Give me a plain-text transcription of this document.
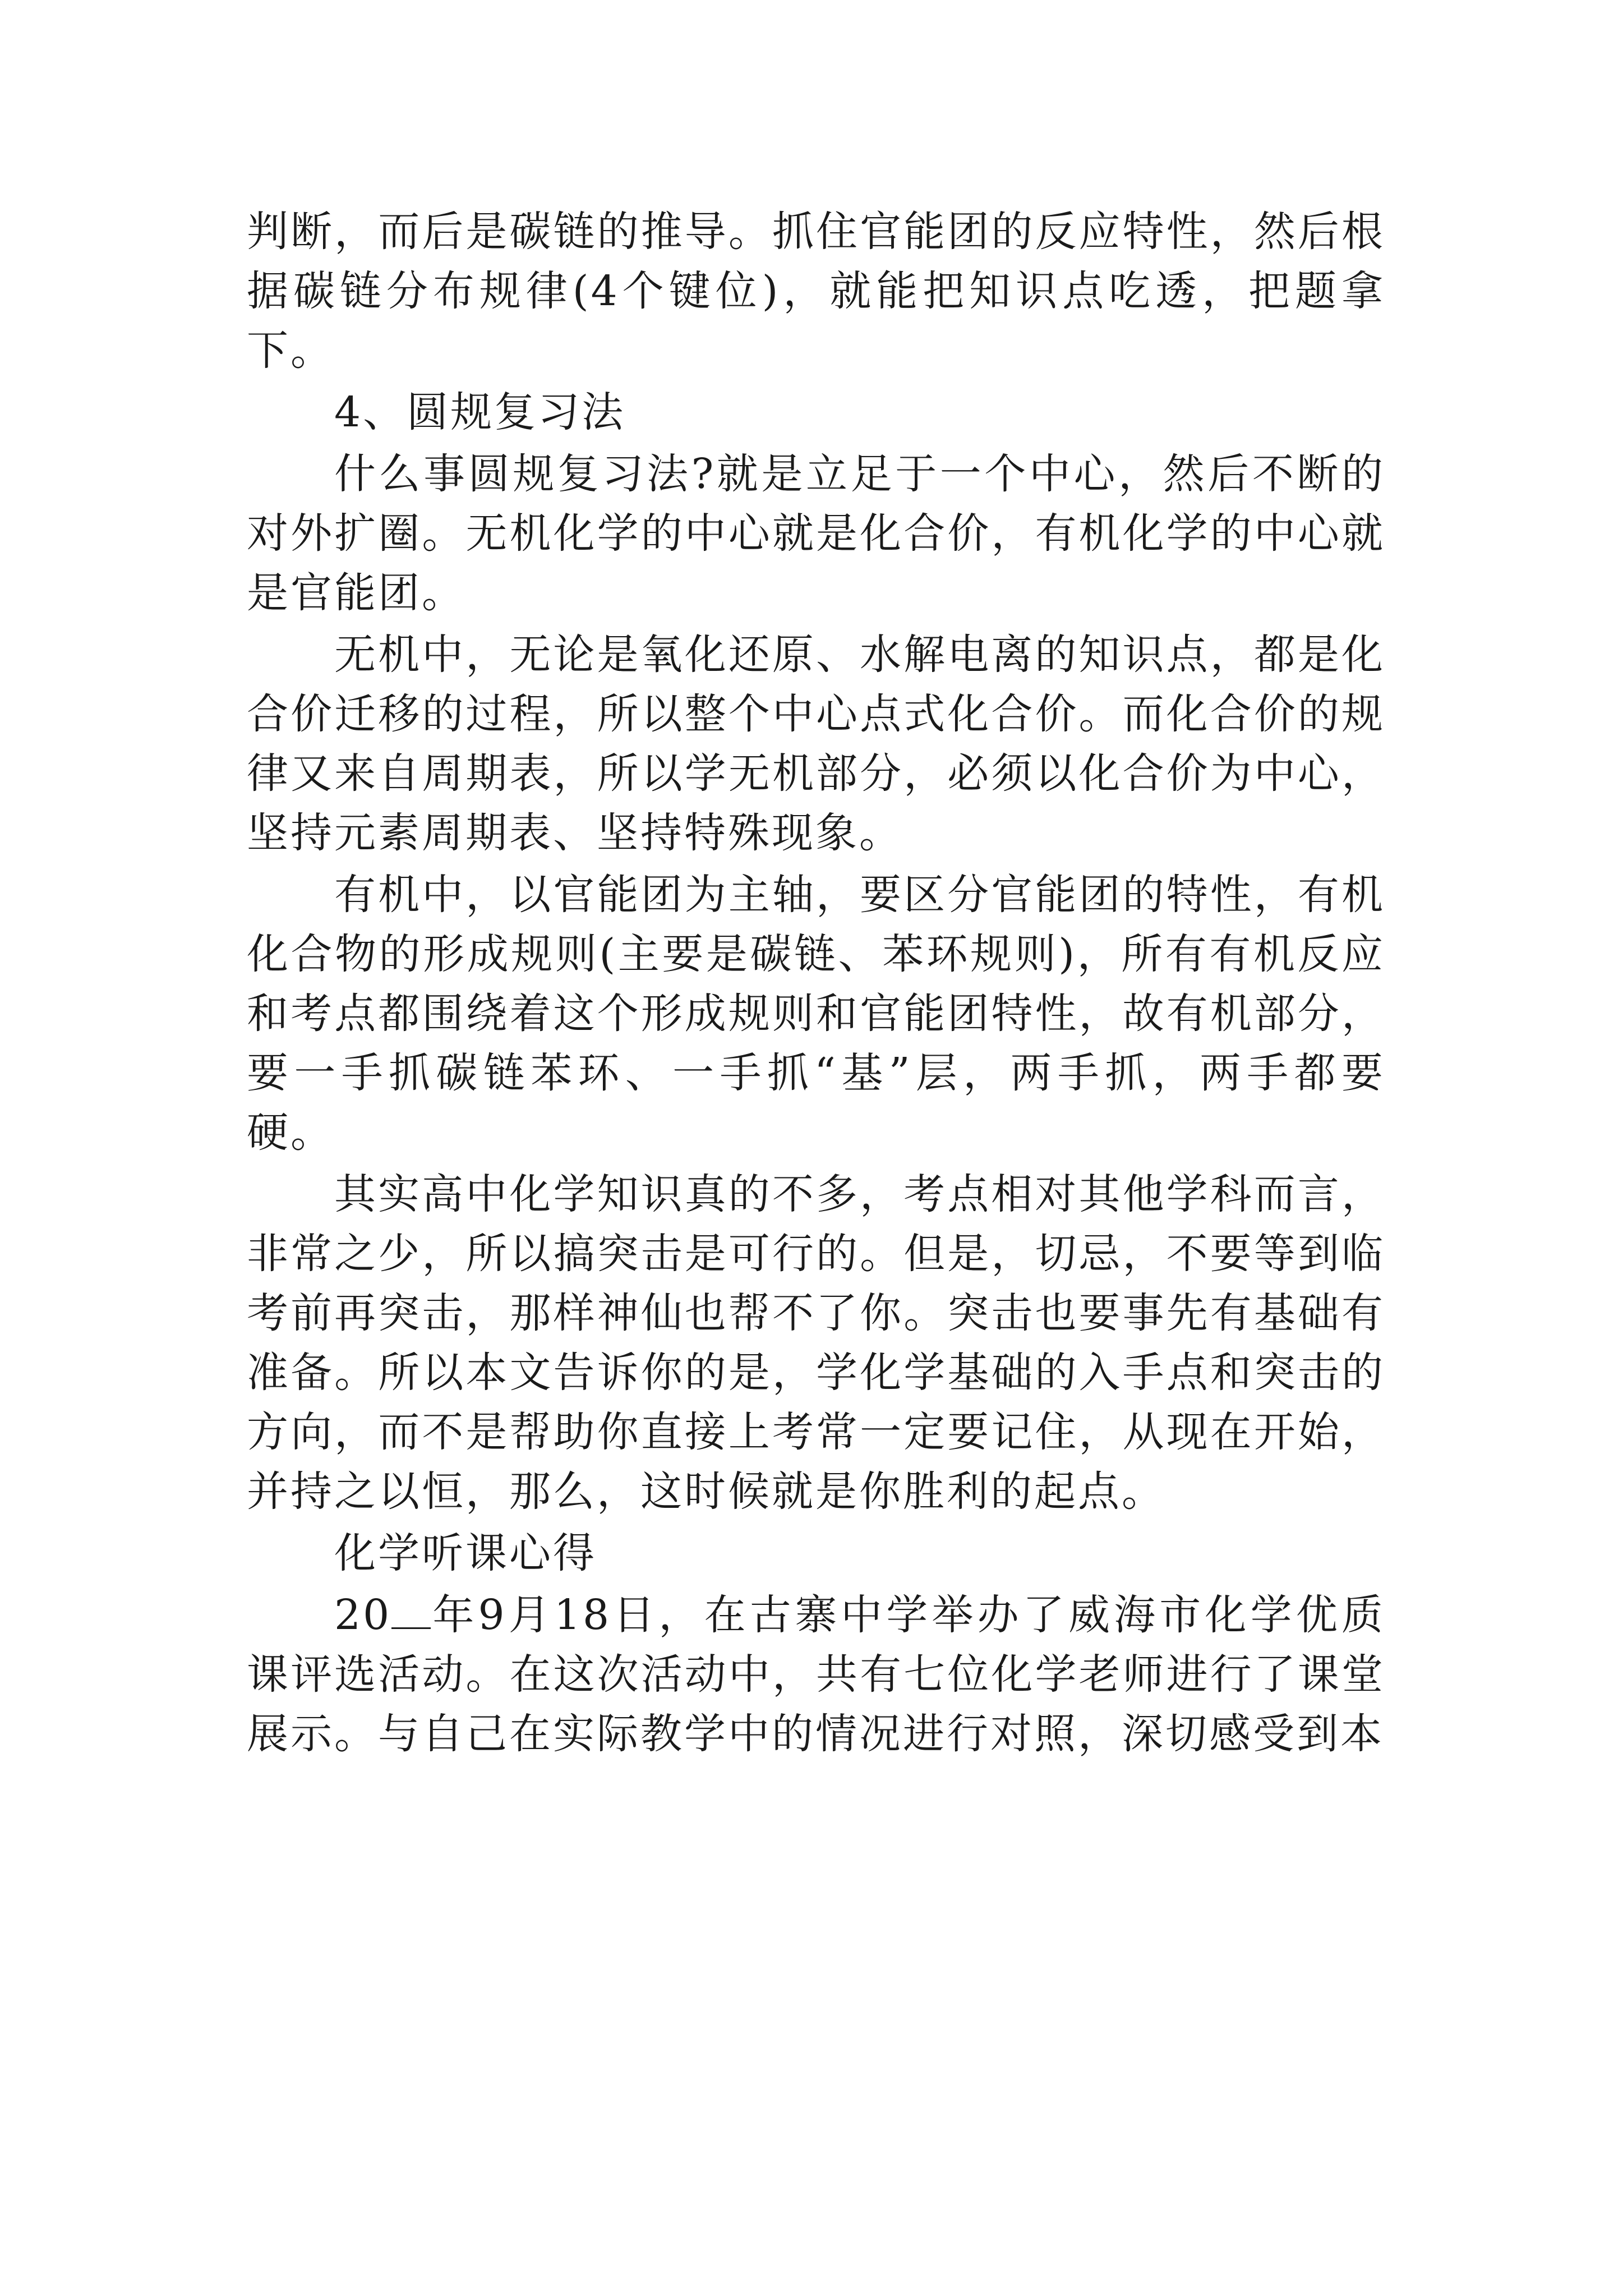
判断，而后是碳链的推导。抓住官能团的反应特性，然后根据碳链分布规律(4个键位)，就能把知识点吃透，把题拿下。

4、圆规复习法

什么事圆规复习法?就是立足于一个中心，然后不断的对外扩圈。无机化学的中心就是化合价，有机化学的中心就是官能团。

无机中，无论是氧化还原、水解电离的知识点，都是化合价迁移的过程，所以整个中心点式化合价。而化合价的规律又来自周期表，所以学无机部分，必须以化合价为中心，坚持元素周期表、坚持特殊现象。

有机中，以官能团为主轴，要区分官能团的特性，有机化合物的形成规则(主要是碳链、苯环规则)，所有有机反应和考点都围绕着这个形成规则和官能团特性，故有机部分，要一手抓碳链苯环、一手抓“基”层，两手抓，两手都要硬。

其实高中化学知识真的不多，考点相对其他学科而言，非常之少，所以搞突击是可行的。但是，切忌，不要等到临考前再突击，那样神仙也帮不了你。突击也要事先有基础有准备。所以本文告诉你的是，学化学基础的入手点和突击的方向，而不是帮助你直接上考常一定要记住，从现在开始，并持之以恒，那么，这时候就是你胜利的起点。

化学听课心得

20 年9月18日，在古寨中学举办了威海市化学优质课评选活动。在这次活动中，共有七位化学老师进行了课堂展示。与自己在实际教学中的情况进行对照，深切感受到本
